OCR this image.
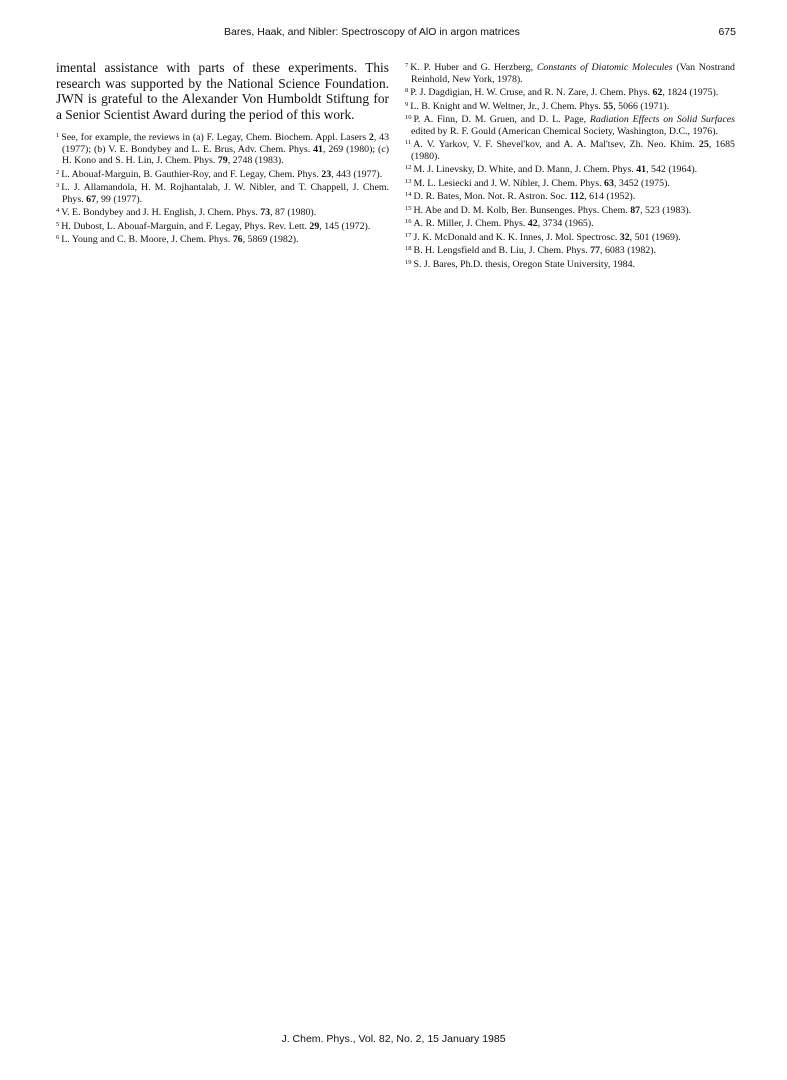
Bares, Haak, and Nibler: Spectroscopy of AlO in argon matrices	675

imental assistance with parts of these experiments. This research was supported by the National Science Foundation. JWN is grateful to the Alexander Von Humboldt Stiftung for a Senior Scientist Award during the period of this work.

$^1$ See, for example, the reviews in (a) F. Legay, Chem. Biochem. Appl. Lasers 2, 43 (1977); (b) V. E. Bondybey and L. E. Brus, Adv. Chem. Phys. 41, 269 (1980); (c) H. Kono and S. H. Lin, J. Chem. Phys. 79, 2748 (1983).
$^2$ L. Abouaf-Marguin, B. Gauthier-Roy, and F. Legay, Chem. Phys. 23, 443 (1977).
$^3$ L. J. Allamandola, H. M. Rojhantalab, J. W. Nibler, and T. Chappell, J. Chem. Phys. 67, 99 (1977).
$^4$ V. E. Bondybey and J. H. English, J. Chem. Phys. 73, 87 (1980).
$^5$ H. Dubost, L. Abouaf-Marguin, and F. Legay, Phys. Rev. Lett. 29, 145 (1972).
$^6$ L. Young and C. B. Moore, J. Chem. Phys. 76, 5869 (1982).
$^7$ K. P. Huber and G. Herzberg, Constants of Diatomic Molecules (Van Nostrand Reinhold, New York, 1978).
$^8$ P. J. Dagdigian, H. W. Cruse, and R. N. Zare, J. Chem. Phys. 62, 1824 (1975).
$^9$ L. B. Knight and W. Weltner, Jr., J. Chem. Phys. 55, 5066 (1971).
$^{10}$ P. A. Finn, D. M. Gruen, and D. L. Page, Radiation Effects on Solid Surfaces edited by R. F. Gould (American Chemical Society, Washington, D.C., 1976).
$^{11}$ A. V. Yarkov, V. F. Shevel'kov, and A. A. Mal'tsev, Zh. Neo. Khim. 25, 1685 (1980).
$^{12}$ M. J. Linevsky, D. White, and D. Mann, J. Chem. Phys. 41, 542 (1964).
$^{13}$ M. L. Lesiecki and J. W. Nibler, J. Chem. Phys. 63, 3452 (1975).
$^{14}$ D. R. Bates, Mon. Not. R. Astron. Soc. 112, 614 (1952).
$^{15}$ H. Abe and D. M. Kolb, Ber. Bunsenges. Phys. Chem. 87, 523 (1983).
$^{16}$ A. R. Miller, J. Chem. Phys. 42, 3734 (1965).
$^{17}$ J. K. McDonald and K. K. Innes, J. Mol. Spectrosc. 32, 501 (1969).
$^{18}$ B. H. Lengsfield and B. Liu, J. Chem. Phys. 77, 6083 (1982).
$^{19}$ S. J. Bares, Ph.D. thesis, Oregon State University, 1984.
J. Chem. Phys., Vol. 82, No. 2, 15 January 1985
